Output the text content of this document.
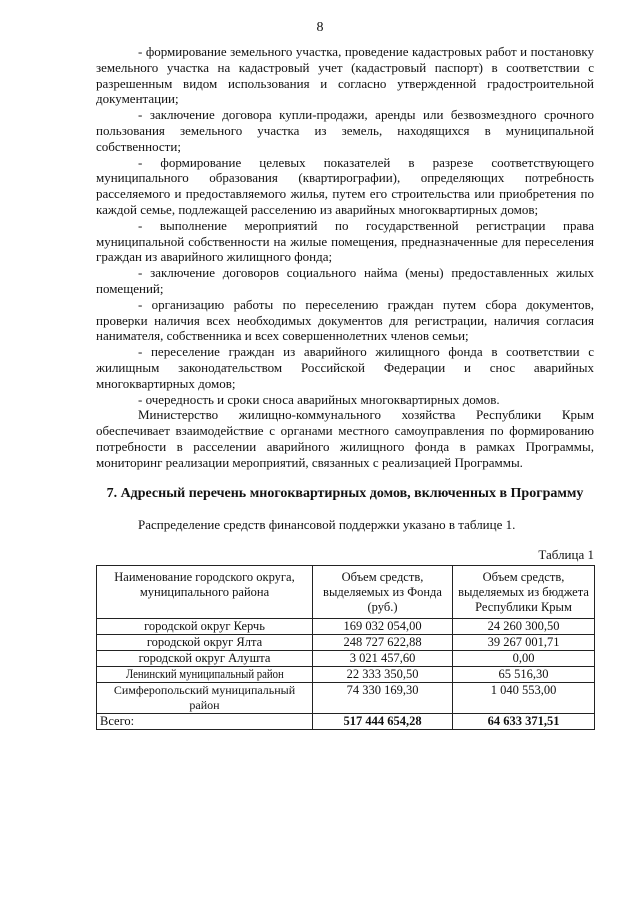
8

- формирование земельного участка, проведение кадастровых работ и постановку земельного участка на кадастровый учет (кадастровый паспорт) в соответствии с разрешенным видом использования и согласно утвержденной градостроительной документации;

- заключение договора купли-продажи, аренды или безвозмездного срочного пользования земельного участка из земель, находящихся в муниципальной собственности;

- формирование целевых показателей в разрезе соответствующего муниципального образования (квартирографии), определяющих потребность расселяемого и предоставляемого жилья, путем его строительства или приобретения по каждой семье, подлежащей расселению из аварийных многоквартирных домов;

- выполнение мероприятий по государственной регистрации права муниципальной собственности на жилые помещения, предназначенные для переселения граждан из аварийного жилищного фонда;

- заключение договоров социального найма (мены) предоставленных жилых помещений;

- организацию работы по переселению граждан путем сбора документов, проверки наличия всех необходимых документов для регистрации, наличия согласия нанимателя, собственника и всех совершеннолетних членов семьи;

- переселение граждан из аварийного жилищного фонда в соответствии с жилищным законодательством Российской Федерации и снос аварийных многоквартирных домов;

- очередность и сроки сноса аварийных многоквартирных домов.

Министерство жилищно-коммунального хозяйства Республики Крым обеспечивает взаимодействие с органами местного самоуправления по формированию потребности в расселении аварийного жилищного фонда в рамках Программы, мониторинг реализации мероприятий, связанных с реализацией Программы.

7. Адресный перечень многоквартирных домов, включенных в Программу

Распределение средств финансовой поддержки указано в таблице 1.

Таблица 1
Наименование городского округа, муниципального района	Объем средств, выделяемых из Фонда (руб.)	Объем средств, выделяемых из бюджета Республики Крым
городской округ Керчь	169 032 054,00	24 260 300,50
городской округ Ялта	248 727 622,88	39 267 001,71
городской округ Алушта	3 021 457,60	0,00
Ленинский муниципальный район	22 333 350,50	65 516,30
Симферопольский муниципальный район	74 330 169,30	1 040 553,00
Всего:	517 444 654,28	64 633 371,51
